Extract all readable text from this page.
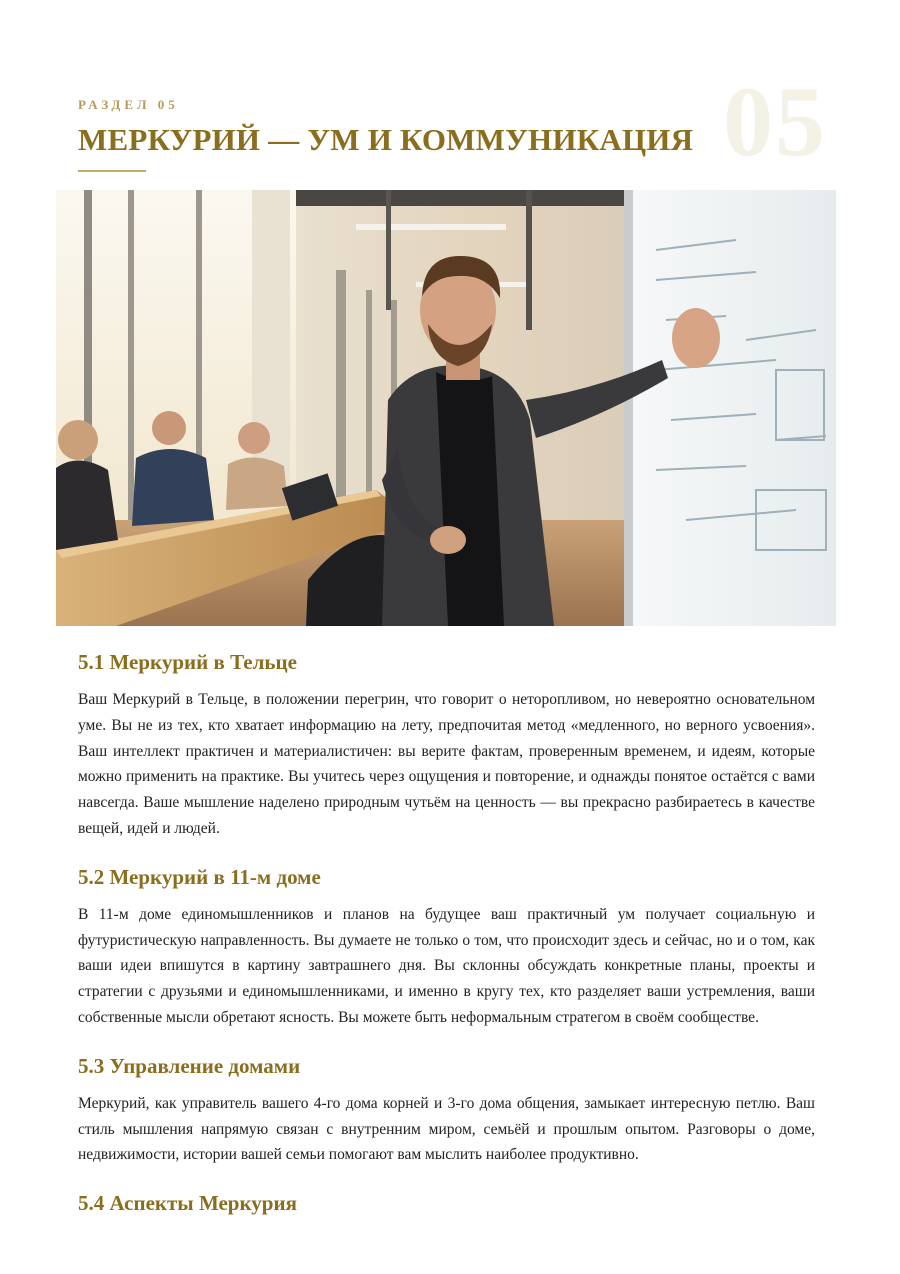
05
РАЗДЕЛ 05
МЕРКУРИЙ — УМ И КОММУНИКАЦИЯ
5.1 Меркурий в Тельце

Ваш Меркурий в Тельце, в положении перегрин, что говорит о неторопливом, но невероятно основательном уме. Вы не из тех, кто хватает информацию на лету, предпочитая метод «медленного, но верного усвоения». Ваш интеллект практичен и материалистичен: вы верите фактам, проверенным временем, и идеям, которые можно применить на практике. Вы учитесь через ощущения и повторение, и однажды понятое остаётся с вами навсегда. Ваше мышление наделено природным чутьём на ценность — вы прекрасно разбираетесь в качестве вещей, идей и людей.

5.2 Меркурий в 11-м доме

В 11-м доме единомышленников и планов на будущее ваш практичный ум получает социальную и футуристическую направленность. Вы думаете не только о том, что происходит здесь и сейчас, но и о том, как ваши идеи впишутся в картину завтрашнего дня. Вы склонны обсуждать конкретные планы, проекты и стратегии с друзьями и единомышленниками, и именно в кругу тех, кто разделяет ваши устремления, ваши собственные мысли обретают ясность. Вы можете быть неформальным стратегом в своём сообществе.

5.3 Управление домами

Меркурий, как управитель вашего 4-го дома корней и 3-го дома общения, замыкает интересную петлю. Ваш стиль мышления напрямую связан с внутренним миром, семьёй и прошлым опытом. Разговоры о доме, недвижимости, истории вашей семьи помогают вам мыслить наиболее продуктивно.

5.4 Аспекты Меркурия
